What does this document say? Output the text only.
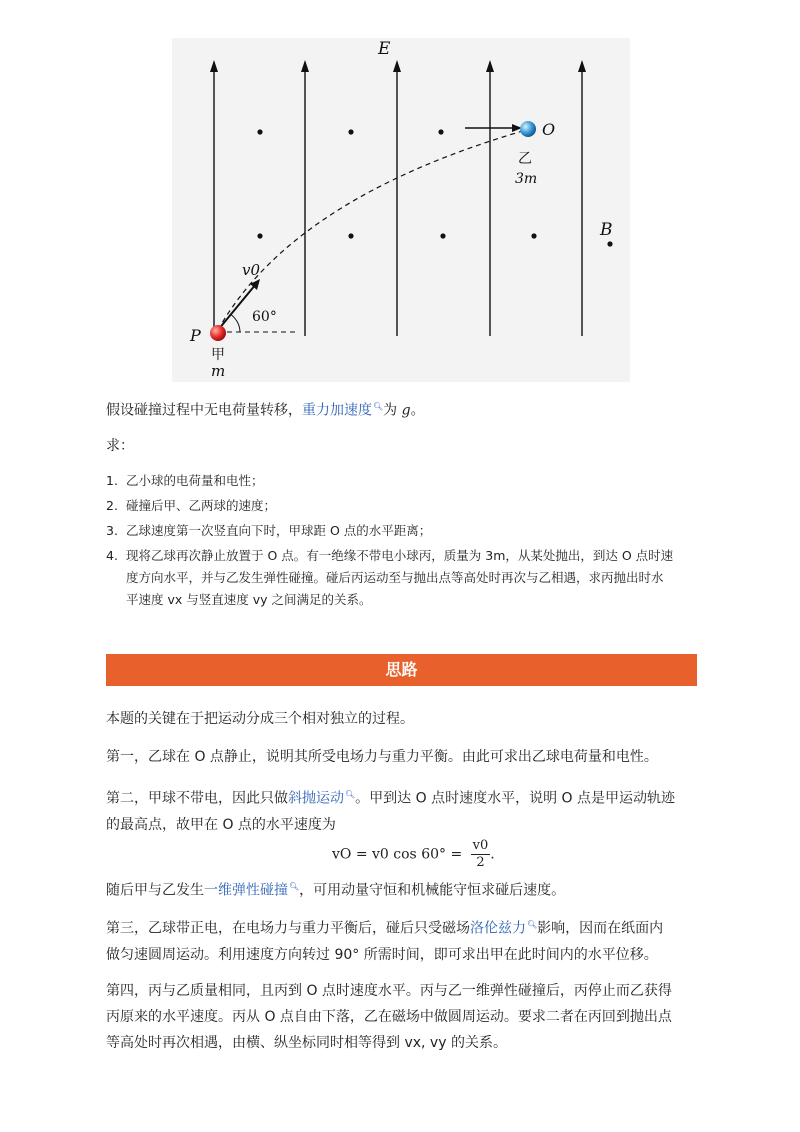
E
O
乙
3m
B
v0
60°
P
甲
m
假设碰撞过程中无电荷量转移，重力加速度🔍︎为 g。
求：
1. 乙小球的电荷量和电性；
2. 碰撞后甲、乙两球的速度；
3. 乙球速度第一次竖直向下时，甲球距 O 点的水平距离；
4. 现将乙球再次静止放置于 O 点。有一绝缘不带电小球丙，质量为 3m，从某处抛出，到达 O 点时速
度方向水平，并与乙发生弹性碰撞。碰后丙运动至与抛出点等高处时再次与乙相遇，求丙抛出时水
平速度 vx 与竖直速度 vy 之间满足的关系。
思路
本题的关键在于把运动分成三个相对独立的过程。
第一，乙球在 O 点静止，说明其所受电场力与重力平衡。由此可求出乙球电荷量和电性。
第二，甲球不带电，因此只做斜抛运动🔍︎。甲到达 O 点时速度水平，说明 O 点是甲运动轨迹
的最高点，故甲在 O 点的水平速度为
vO = v0 $\cos 60^\circ = \frac{v0}{2}$ .
随后甲与乙发生一维弹性碰撞🔍︎，可用动量守恒和机械能守恒求碰后速度。
第三，乙球带正电，在电场力与重力平衡后，碰后只受磁场洛伦兹力🔍︎影响，因而在纸面内
做匀速圆周运动。利用速度方向转过 90° 所需时间，即可求出甲在此时间内的水平位移。
第四，丙与乙质量相同，且丙到 O 点时速度水平。丙与乙一维弹性碰撞后，丙停止而乙获得
丙原来的水平速度。丙从 O 点自由下落，乙在磁场中做圆周运动。要求二者在丙回到抛出点
等高处时再次相遇，由横、纵坐标同时相等得到 vx, vy 的关系。
